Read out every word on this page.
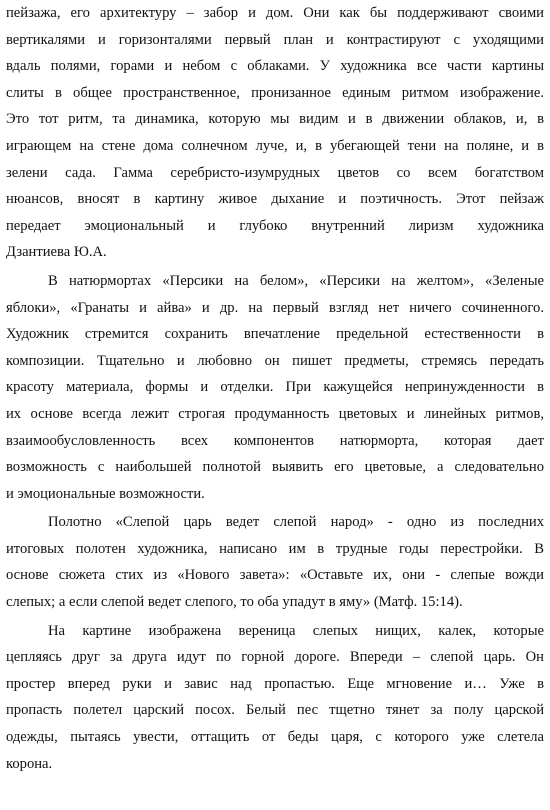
пейзажа, его архитектуру – забор и дом. Они как бы поддерживают своими
вертикалями и горизонталями первый план и контрастируют с уходящими
вдаль полями, горами и небом с облаками. У художника все части картины
слиты в общее пространственное, пронизанное единым ритмом изображение.
Это тот ритм, та динамика, которую мы видим и в движении облаков, и, в
играющем на стене дома солнечном луче, и, в убегающей тени на поляне, и в
зелени сада. Гамма серебристо-изумрудных цветов со всем богатством
нюансов, вносят в картину живое дыхание и поэтичность. Этот пейзаж
передает эмоциональный и глубоко внутренний лиризм художника
Дзантиева Ю.А.
В натюрмортах «Персики на белом», «Персики на желтом», «Зеленые
яблоки», «Гранаты и айва» и др. на первый взгляд нет ничего сочиненного.
Художник стремится сохранить впечатление предельной естественности в
композиции. Тщательно и любовно он пишет предметы, стремясь передать
красоту материала, формы и отделки. При кажущейся непринужденности в
их основе всегда лежит строгая продуманность цветовых и линейных ритмов,
взаимообусловленность всех компонентов натюрморта, которая дает
возможность с наибольшей полнотой выявить его цветовые, а следовательно
и эмоциональные возможности.
Полотно «Слепой царь ведет слепой народ» - одно из последних
итоговых полотен художника, написано им в трудные годы перестройки. В
основе сюжета стих из «Нового завета»: «Оставьте их, они - слепые вожди
слепых; а если слепой ведет слепого, то оба упадут в яму» (Матф. 15:14).
На картине изображена вереница слепых нищих, калек, которые
цепляясь друг за друга идут по горной дороге. Впереди – слепой царь. Он
простер вперед руки и завис над пропастью. Еще мгновение и… Уже в
пропасть полетел царский посох. Белый пес тщетно тянет за полу царской
одежды, пытаясь увести, оттащить от беды царя, с которого уже слетела
корона.
